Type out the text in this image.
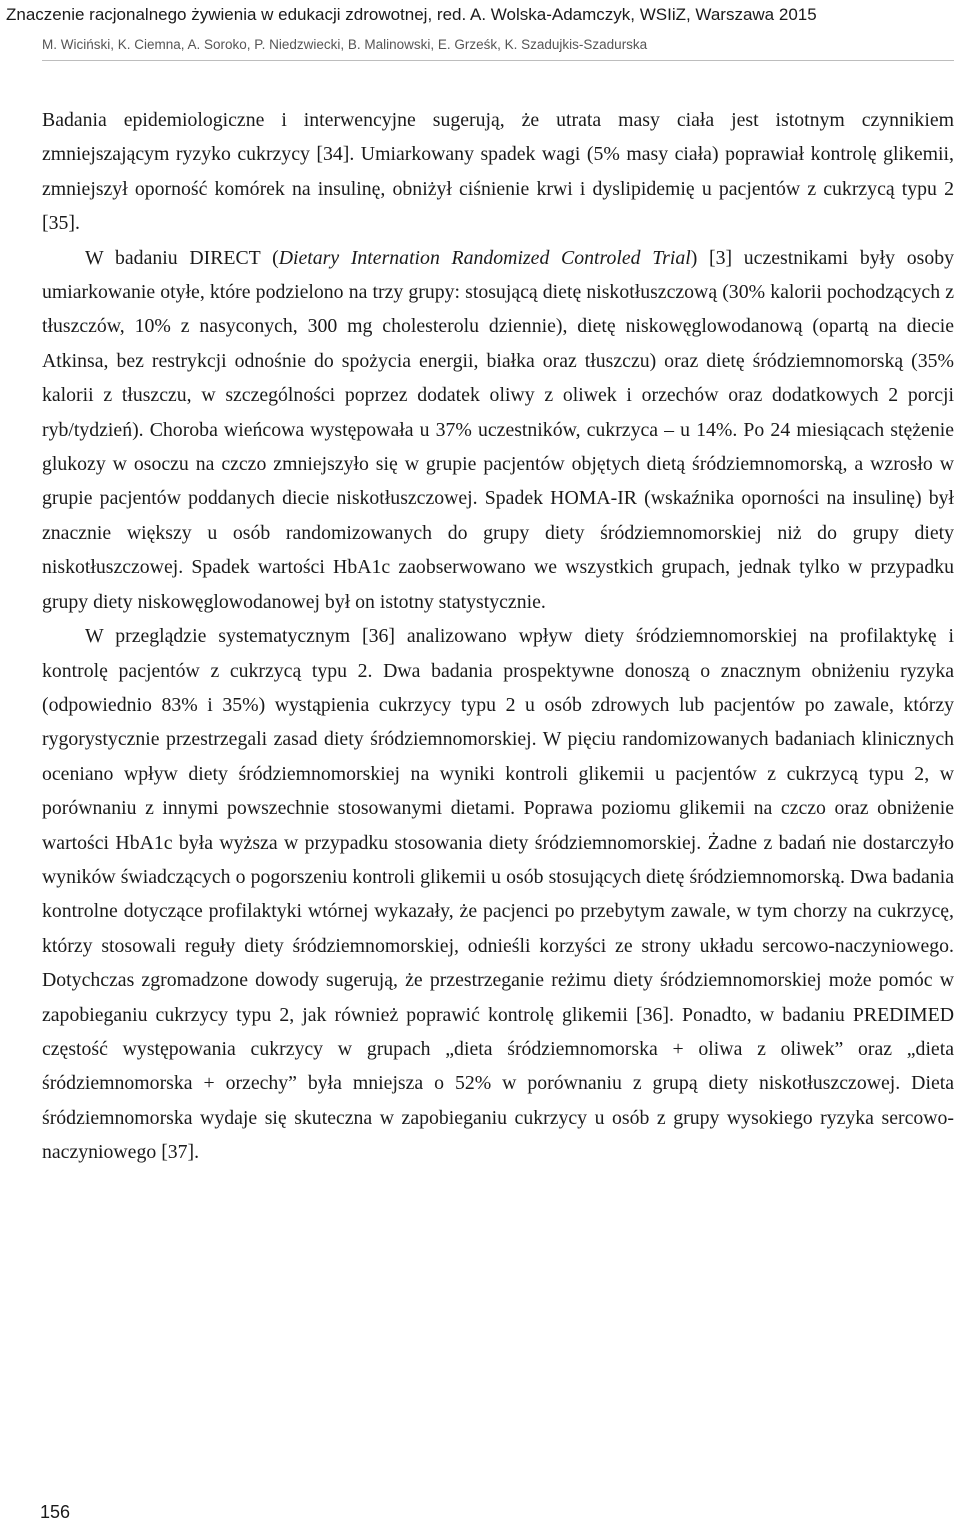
Znaczenie racjonalnego żywienia w edukacji zdrowotnej, red. A. Wolska-Adamczyk, WSIiZ, Warszawa 2015
M. Wiciński, K. Ciemna, A. Soroko, P. Niedzwiecki, B. Malinowski, E. Grześk, K. Szadujkis-Szadurska

Badania epidemiologiczne i interwencyjne sugerują, że utrata masy ciała jest istotnym czynnikiem zmniejszającym ryzyko cukrzycy [34]. Umiarkowany spadek wagi (5% masy ciała) poprawiał kontrolę glikemii, zmniejszył oporność komórek na insulinę, obniżył ciśnienie krwi i dyslipidemię u pacjentów z cukrzycą typu 2 [35].

W badaniu DIRECT (Dietary Internation Randomized Controled Trial) [3] uczestnikami były osoby umiarkowanie otyłe, które podzielono na trzy grupy: stosującą dietę niskotłuszczową (30% kalorii pochodzących z tłuszczów, 10% z nasyconych, 300 mg cholesterolu dziennie), dietę niskowęglowodanową (opartą na diecie Atkinsa, bez restrykcji odnośnie do spożycia energii, białka oraz tłuszczu) oraz dietę śródziemnomorską (35% kalorii z tłuszczu, w szczególności poprzez dodatek oliwy z oliwek i orzechów oraz dodatkowych 2 porcji ryb/tydzień). Choroba wieńcowa występowała u 37% uczestników, cukrzyca – u 14%. Po 24 miesiącach stężenie glukozy w osoczu na czczo zmniejszyło się w grupie pacjentów objętych dietą śródziemnomorską, a wzrosło w grupie pacjentów poddanych diecie niskotłuszczowej. Spadek HOMA-IR (wskaźnika oporności na insulinę) był znacznie większy u osób randomizowanych do grupy diety śródziemnomorskiej niż do grupy diety niskotłuszczowej. Spadek wartości HbA1c zaobserwowano we wszystkich grupach, jednak tylko w przypadku grupy diety niskowęglowodanowej był on istotny statystycznie.

W przeglądzie systematycznym [36] analizowano wpływ diety śródziemnomorskiej na profilaktykę i kontrolę pacjentów z cukrzycą typu 2. Dwa badania prospektywne donoszą o znacznym obniżeniu ryzyka (odpowiednio 83% i 35%) wystąpienia cukrzycy typu 2 u osób zdrowych lub pacjentów po zawale, którzy rygorystycznie przestrzegali zasad diety śródziemnomorskiej. W pięciu randomizowanych badaniach klinicznych oceniano wpływ diety śródziemnomorskiej na wyniki kontroli glikemii u pacjentów z cukrzycą typu 2, w porównaniu z innymi powszechnie stosowanymi dietami. Poprawa poziomu glikemii na czczo oraz obniżenie wartości HbA1c była wyższa w przypadku stosowania diety śródziemnomorskiej. Żadne z badań nie dostarczyło wyników świadczących o pogorszeniu kontroli glikemii u osób stosujących dietę śródziemnomorską. Dwa badania kontrolne dotyczące profilaktyki wtórnej wykazały, że pacjenci po przebytym zawale, w tym chorzy na cukrzycę, którzy stosowali reguły diety śródziemnomorskiej, odnieśli korzyści ze strony układu sercowo-naczyniowego. Dotychczas zgromadzone dowody sugerują, że przestrzeganie reżimu diety śródziemnomorskiej może pomóc w zapobieganiu cukrzycy typu 2, jak również poprawić kontrolę glikemii [36]. Ponadto, w badaniu PREDIMED częstość występowania cukrzycy w grupach „dieta śródziemnomorska + oliwa z oliwek” oraz „dieta śródziemnomorska + orzechy” była mniejsza o 52% w porównaniu z grupą diety niskotłuszczowej. Dieta śródziemnomorska wydaje się skuteczna w zapobieganiu cukrzycy u osób z grupy wysokiego ryzyka sercowo-naczyniowego [37].

156
